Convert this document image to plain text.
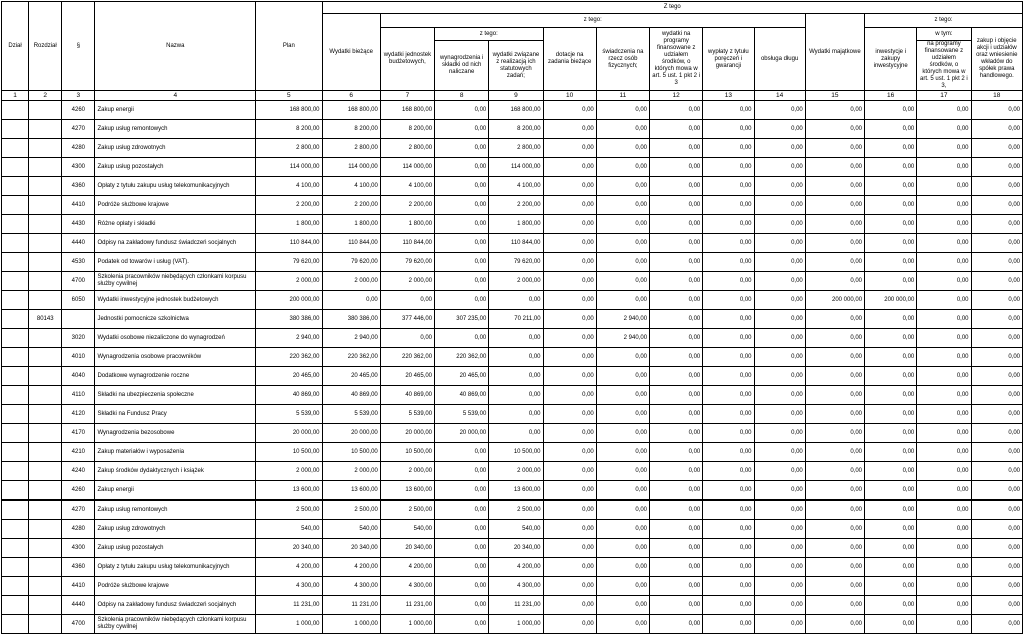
Dział	Rozdział	§	Nazwa	Plan	Z tego												
					Wydatki bieżące	z tego:								Wydatki majątkowe	z tego:		
						wydatki jednostek budżetowych,	z tego:		dotacje na zadania bieżące	świadczenia na rzecz osób fizycznych;	wydatki na programy finansowane z udziałem środków, o których mowa w art. 5 ust. 1 pkt 2 i 3	wypłaty z tytułu poręczeń i gwarancji	obsługa długu		inwestycje i zakupy inwestycyjne	w tym:	zakup i objęcie akcji i udziałów oraz wniesienie wkładów do spółek prawa handlowego.
							wynagrodzenia i składki od nich naliczane	wydatki związane z realizacją ich statutowych zadań;								na programy finansowane z udziałem środków, o których mowa w art. 5 ust. 1 pkt 2 i 3,	
1	2	3	4	5	6	7	8	9	10	11	12	13	14	15	16	17	18
		4260	Zakup energii	168 800,00	168 800,00	168 800,00	0,00	168 800,00	0,00	0,00	0,00	0,00	0,00	0,00	0,00	0,00	0,00
		4270	Zakup usług remontowych	8 200,00	8 200,00	8 200,00	0,00	8 200,00	0,00	0,00	0,00	0,00	0,00	0,00	0,00	0,00	0,00
		4280	Zakup usług zdrowotnych	2 800,00	2 800,00	2 800,00	0,00	2 800,00	0,00	0,00	0,00	0,00	0,00	0,00	0,00	0,00	0,00
		4300	Zakup usług pozostałych	114 000,00	114 000,00	114 000,00	0,00	114 000,00	0,00	0,00	0,00	0,00	0,00	0,00	0,00	0,00	0,00
		4360	Opłaty z tytułu zakupu usług telekomunikacyjnych	4 100,00	4 100,00	4 100,00	0,00	4 100,00	0,00	0,00	0,00	0,00	0,00	0,00	0,00	0,00	0,00
		4410	Podróże służbowe krajowe	2 200,00	2 200,00	2 200,00	0,00	2 200,00	0,00	0,00	0,00	0,00	0,00	0,00	0,00	0,00	0,00
		4430	Różne opłaty i składki	1 800,00	1 800,00	1 800,00	0,00	1 800,00	0,00	0,00	0,00	0,00	0,00	0,00	0,00	0,00	0,00
		4440	Odpisy na zakładowy fundusz świadczeń socjalnych	110 844,00	110 844,00	110 844,00	0,00	110 844,00	0,00	0,00	0,00	0,00	0,00	0,00	0,00	0,00	0,00
		4530	Podatek od towarów i usług (VAT).	79 620,00	79 620,00	79 620,00	0,00	79 620,00	0,00	0,00	0,00	0,00	0,00	0,00	0,00	0,00	0,00
		4700	Szkolenia pracowników niebędących członkami korpusu służby cywilnej	2 000,00	2 000,00	2 000,00	0,00	2 000,00	0,00	0,00	0,00	0,00	0,00	0,00	0,00	0,00	0,00
		6050	Wydatki inwestycyjne jednostek budżetowych	200 000,00	0,00	0,00	0,00	0,00	0,00	0,00	0,00	0,00	0,00	200 000,00	200 000,00	0,00	0,00
	80143		Jednostki pomocnicze szkolnictwa	380 386,00	380 386,00	377 446,00	307 235,00	70 211,00	0,00	2 940,00	0,00	0,00	0,00	0,00	0,00	0,00	0,00
		3020	Wydatki osobowe niezaliczone do wynagrodzeń	2 940,00	2 940,00	0,00	0,00	0,00	0,00	2 940,00	0,00	0,00	0,00	0,00	0,00	0,00	0,00
		4010	Wynagrodzenia osobowe pracowników	220 362,00	220 362,00	220 362,00	220 362,00	0,00	0,00	0,00	0,00	0,00	0,00	0,00	0,00	0,00	0,00
		4040	Dodatkowe wynagrodzenie roczne	20 465,00	20 465,00	20 465,00	20 465,00	0,00	0,00	0,00	0,00	0,00	0,00	0,00	0,00	0,00	0,00
		4110	Składki na ubezpieczenia społeczne	40 869,00	40 869,00	40 869,00	40 869,00	0,00	0,00	0,00	0,00	0,00	0,00	0,00	0,00	0,00	0,00
		4120	Składki na Fundusz Pracy	5 539,00	5 539,00	5 539,00	5 539,00	0,00	0,00	0,00	0,00	0,00	0,00	0,00	0,00	0,00	0,00
		4170	Wynagrodzenia bezosobowe	20 000,00	20 000,00	20 000,00	20 000,00	0,00	0,00	0,00	0,00	0,00	0,00	0,00	0,00	0,00	0,00
		4210	Zakup materiałów i wyposażenia	10 500,00	10 500,00	10 500,00	0,00	10 500,00	0,00	0,00	0,00	0,00	0,00	0,00	0,00	0,00	0,00
		4240	Zakup środków dydaktycznych i książek	2 000,00	2 000,00	2 000,00	0,00	2 000,00	0,00	0,00	0,00	0,00	0,00	0,00	0,00	0,00	0,00
		4260	Zakup energii	13 600,00	13 600,00	13 600,00	0,00	13 600,00	0,00	0,00	0,00	0,00	0,00	0,00	0,00	0,00	0,00
		4270	Zakup usług remontowych	2 500,00	2 500,00	2 500,00	0,00	2 500,00	0,00	0,00	0,00	0,00	0,00	0,00	0,00	0,00	0,00
		4280	Zakup usług zdrowotnych	540,00	540,00	540,00	0,00	540,00	0,00	0,00	0,00	0,00	0,00	0,00	0,00	0,00	0,00
		4300	Zakup usług pozostałych	20 340,00	20 340,00	20 340,00	0,00	20 340,00	0,00	0,00	0,00	0,00	0,00	0,00	0,00	0,00	0,00
		4360	Opłaty z tytułu zakupu usług telekomunikacyjnych	4 200,00	4 200,00	4 200,00	0,00	4 200,00	0,00	0,00	0,00	0,00	0,00	0,00	0,00	0,00	0,00
		4410	Podróże służbowe krajowe	4 300,00	4 300,00	4 300,00	0,00	4 300,00	0,00	0,00	0,00	0,00	0,00	0,00	0,00	0,00	0,00
		4440	Odpisy na zakładowy fundusz świadczeń socjalnych	11 231,00	11 231,00	11 231,00	0,00	11 231,00	0,00	0,00	0,00	0,00	0,00	0,00	0,00	0,00	0,00
		4700	Szkolenia pracowników niebędących członkami korpusu służby cywilnej	1 000,00	1 000,00	1 000,00	0,00	1 000,00	0,00	0,00	0,00	0,00	0,00	0,00	0,00	0,00	0,00
